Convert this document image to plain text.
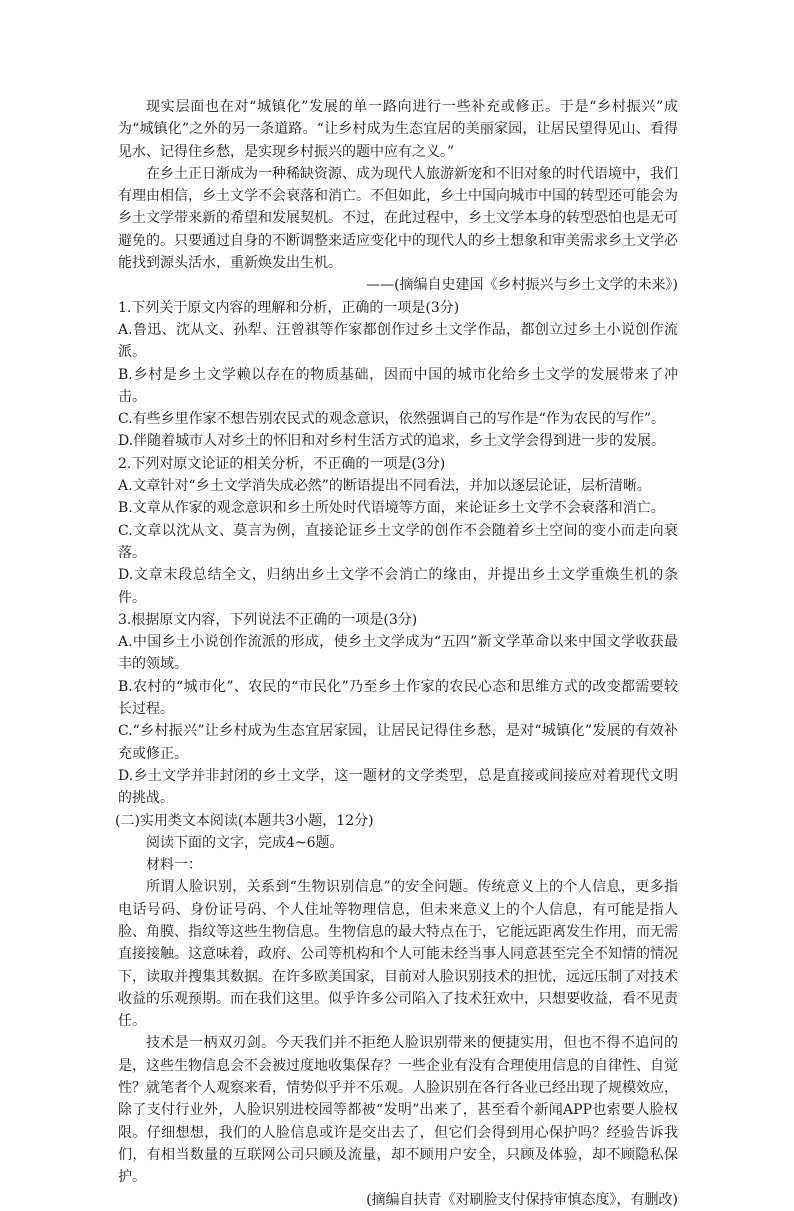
现实层面也在对“城镇化”发展的单一路向进行一些补充或修正。于是“乡村振兴”成为“城镇化”之外的另一条道路。“让乡村成为生态宜居的美丽家园，让居民望得见山、看得见水、记得住乡愁，是实现乡村振兴的题中应有之义。”

在乡土正日渐成为一种稀缺资源、成为现代人旅游新宠和不旧对象的时代语境中，我们有理由相信，乡土文学不会衰落和消亡。不但如此，乡土中国向城市中国的转型还可能会为乡土文学带来新的希望和发展契机。不过，在此过程中，乡土文学本身的转型恐怕也是无可避免的。只要通过自身的不断调整来适应变化中的现代人的乡土想象和审美需求乡土文学必能找到源头活水，重新焕发出生机。

——(摘编自史建国《乡村振兴与乡土文学的未来》)

1.下列关于原文内容的理解和分析，正确的一项是(3分)

A.鲁迅、沈从文、孙犁、汪曾祺等作家都创作过乡土文学作品，都创立过乡土小说创作流派。

B.乡村是乡土文学赖以存在的物质基础，因而中国的城市化给乡土文学的发展带来了冲击。

C.有些乡里作家不想告别农民式的观念意识，依然强调自己的写作是“作为农民的写作”。

D.伴随着城市人对乡土的怀旧和对乡村生活方式的追求，乡土文学会得到进一步的发展。

2.下列对原文论证的相关分析，不正确的一项是(3分)

A.文章针对“乡土文学消失成必然”的断语提出不同看法，并加以逐层论证，层析清晰。

B.文章从作家的观念意识和乡土所处时代语境等方面，来论证乡土文学不会衰落和消亡。

C.文章以沈从文、莫言为例，直接论证乡土文学的创作不会随着乡土空间的变小而走向衰落。

D.文章末段总结全文，归纳出乡土文学不会消亡的缘由，并提出乡土文学重焕生机的条件。

3.根据原文内容，下列说法不正确的一项是(3分)

A.中国乡土小说创作流派的形成，使乡土文学成为“五四”新文学革命以来中国文学收获最丰的领域。

B.农村的“城市化”、农民的“市民化”乃至乡土作家的农民心态和思维方式的改变都需要较长过程。

C.“乡村振兴”让乡村成为生态宜居家园，让居民记得住乡愁，是对“城镇化”发展的有效补充或修正。

D.乡土文学并非封闭的乡土文学，这一题材的文学类型，总是直接或间接应对着现代文明的挑战。

(二)实用类文本阅读(本题共3小题，12分)

阅读下面的文字，完成4~6题。

材料一：

所谓人脸识别，关系到“生物识别信息”的安全问题。传统意义上的个人信息，更多指电话号码、身份证号码、个人住址等物理信息，但未来意义上的个人信息，有可能是指人脸、角膜、指纹等这些生物信息。生物信息的最大特点在于，它能远距离发生作用，而无需直接接触。这意味着，政府、公司等机构和个人可能未经当事人同意甚至完全不知情的情况下，读取并搜集其数据。在许多欧美国家，目前对人脸识别技术的担忧，远远压制了对技术收益的乐观预期。而在我们这里。似乎许多公司陷入了技术狂欢中，只想要收益，看不见责任。

技术是一柄双刃剑。今天我们并不拒绝人脸识别带来的便捷实用，但也不得不追问的是，这些生物信息会不会被过度地收集保存？一些企业有没有合理使用信息的自律性、自觉性？就笔者个人观察来看，情势似乎并不乐观。人脸识别在各行各业已经出现了规模效应，除了支付行业外，人脸识别进校园等都被“发明”出来了，甚至看个新闻APP也索要人脸权限。仔细想想，我们的人脸信息或许是交出去了，但它们会得到用心保护吗？经验告诉我们，有相当数量的互联网公司只顾及流量，却不顾用户安全，只顾及体验，却不顾隐私保护。

(摘编自扶青《对刷脸支付保持审慎态度》，有删改)
